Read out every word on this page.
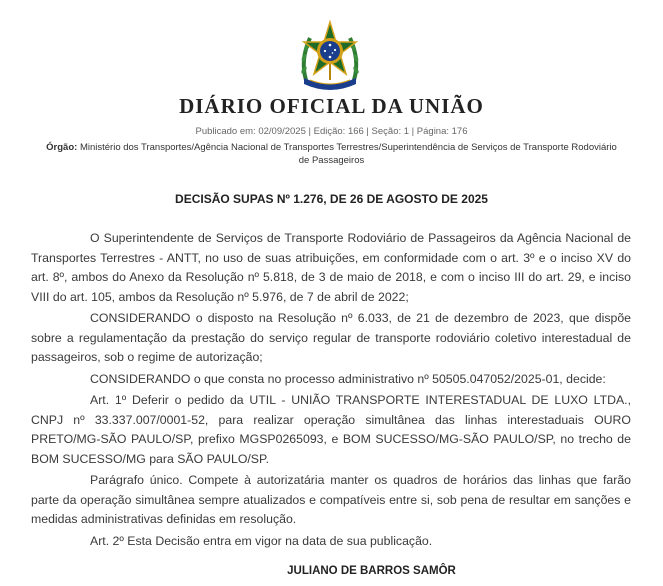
DIÁRIO OFICIAL DA UNIÃO
Publicado em: 02/09/2025 | Edição: 166 | Seção: 1 | Página: 176
Órgão: Ministério dos Transportes/Agência Nacional de Transportes Terrestres/Superintendência de Serviços de Transporte Rodoviário de Passageiros
DECISÃO SUPAS Nº 1.276, DE 26 DE AGOSTO DE 2025

O Superintendente de Serviços de Transporte Rodoviário de Passageiros da Agência Nacional de Transportes Terrestres - ANTT, no uso de suas atribuições, em conformidade com o art. 3º e o inciso XV do art. 8º, ambos do Anexo da Resolução nº 5.818, de 3 de maio de 2018, e com o inciso III do art. 29, e inciso VIII do art. 105, ambos da Resolução nº 5.976, de 7 de abril de 2022;

CONSIDERANDO o disposto na Resolução nº 6.033, de 21 de dezembro de 2023, que dispõe sobre a regulamentação da prestação do serviço regular de transporte rodoviário coletivo interestadual de passageiros, sob o regime de autorização;

CONSIDERANDO o que consta no processo administrativo nº 50505.047052/2025-01, decide:

Art. 1º Deferir o pedido da UTIL - UNIÃO TRANSPORTE INTERESTADUAL DE LUXO LTDA., CNPJ nº 33.337.007/0001-52, para realizar operação simultânea das linhas interestaduais OURO PRETO/MG-SÃO PAULO/SP, prefixo MGSP0265093, e BOM SUCESSO/MG-SÃO PAULO/SP, no trecho de BOM SUCESSO/MG para SÃO PAULO/SP.

Parágrafo único. Compete à autorizatária manter os quadros de horários das linhas que farão parte da operação simultânea sempre atualizados e compatíveis entre si, sob pena de resultar em sanções e medidas administrativas definidas em resolução.

Art. 2º Esta Decisão entra em vigor na data de sua publicação.

JULIANO DE BARROS SAMÔR
